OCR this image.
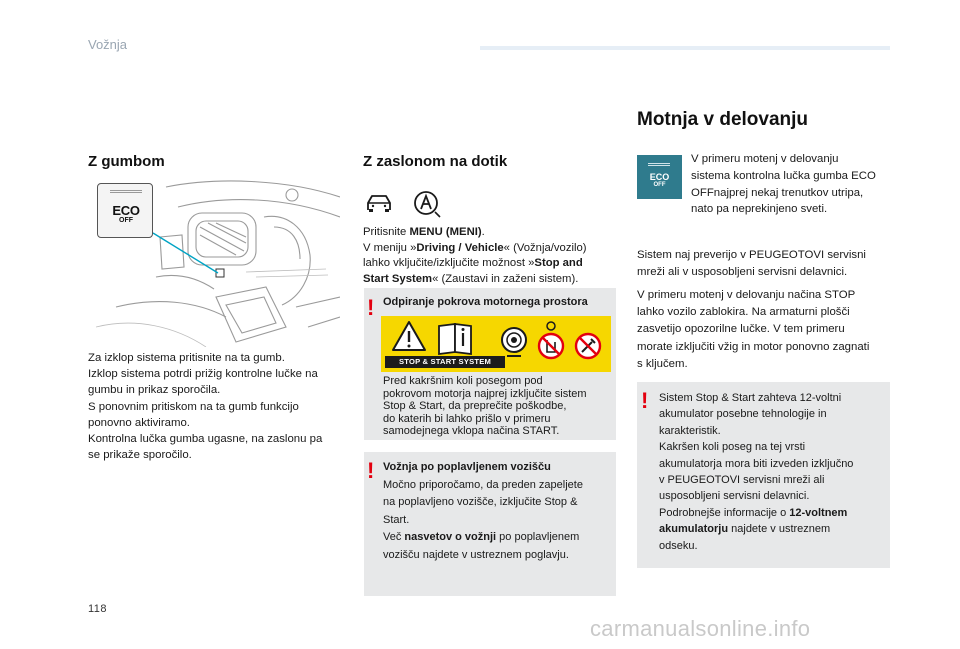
Vožnja
Z gumbom
ECO
OFF
Za izklop sistema pritisnite na ta gumb.
Izklop sistema potrdi prižig kontrolne lučke na
gumbu in prikaz sporočila.
S ponovnim pritiskom na ta gumb funkcijo
ponovno aktiviramo.
Kontrolna lučka gumba ugasne, na zaslonu pa
se prikaže sporočilo.
Z zaslonom na dotik
Pritisnite MENU (MENI).
V meniju »Driving / Vehicle« (Vožnja/vozilo)
lahko vključite/izključite možnost »Stop and
Start System« (Zaustavi in zaženi sistem).
! Odpiranje pokrova motornega prostora
Pred kakršnim koli posegom pod
pokrovom motorja najprej izključite sistem
Stop & Start, da preprečite poškodbe,
do katerih bi lahko prišlo v primeru
samodejnega vklopa načina START.
STOP & START SYSTEM
! Vožnja po poplavljenem vozišču
Močno priporočamo, da preden zapeljete
na poplavljeno vozišče, izključite Stop &
Start.
Več nasvetov o vožnji po poplavljenem
vozišču najdete v ustreznem poglavju.
Motnja v delovanju
ECO
OFF
V primeru motenj v delovanju
sistema kontrolna lučka gumba ECO
OFFnajprej nekaj trenutkov utripa,
nato pa neprekinjeno sveti.
Sistem naj preverijo v PEUGEOTOVI servisni
mreži ali v usposobljeni servisni delavnici.
V primeru motenj v delovanju načina STOP
lahko vozilo zablokira. Na armaturni plošči
zasvetijo opozorilne lučke. V tem primeru
morate izključiti vžig in motor ponovno zagnati
s ključem.
! Sistem Stop & Start zahteva 12-voltni
akumulator posebne tehnologije in
karakteristik.
Kakršen koli poseg na tej vrsti
akumulatorja mora biti izveden izključno
v PEUGEOTOVI servisni mreži ali
usposobljeni servisni delavnici.
Podrobnejše informacije o 12-voltnem
akumulatorju najdete v ustreznem
odseku.
118
carmanualsonline.info
